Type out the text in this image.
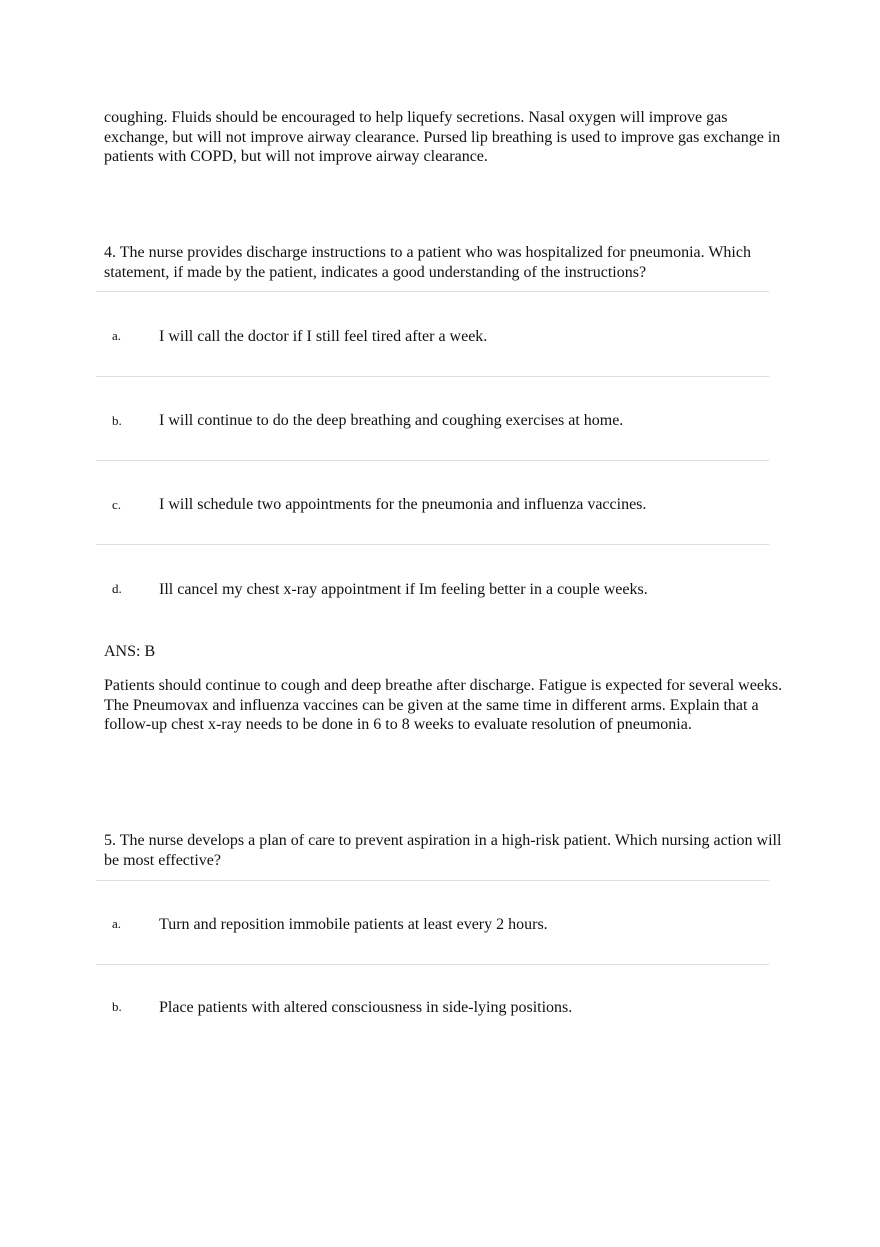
coughing. Fluids should be encouraged to help liquefy secretions. Nasal oxygen will improve gas exchange, but will not improve airway clearance. Pursed lip breathing is used to improve gas exchange in patients with COPD, but will not improve airway clearance.

4. The nurse provides discharge instructions to a patient who was hospitalized for pneumonia. Which statement, if made by the patient, indicates a good understanding of the instructions?

a. I will call the doctor if I still feel tired after a week.
b. I will continue to do the deep breathing and coughing exercises at home.
c. I will schedule two appointments for the pneumonia and influenza vaccines.
d. Ill cancel my chest x-ray appointment if Im feeling better in a couple weeks.

ANS: B

Patients should continue to cough and deep breathe after discharge. Fatigue is expected for several weeks. The Pneumovax and influenza vaccines can be given at the same time in different arms. Explain that a follow-up chest x-ray needs to be done in 6 to 8 weeks to evaluate resolution of pneumonia.

5. The nurse develops a plan of care to prevent aspiration in a high-risk patient. Which nursing action will be most effective?

a. Turn and reposition immobile patients at least every 2 hours.
b. Place patients with altered consciousness in side-lying positions.
